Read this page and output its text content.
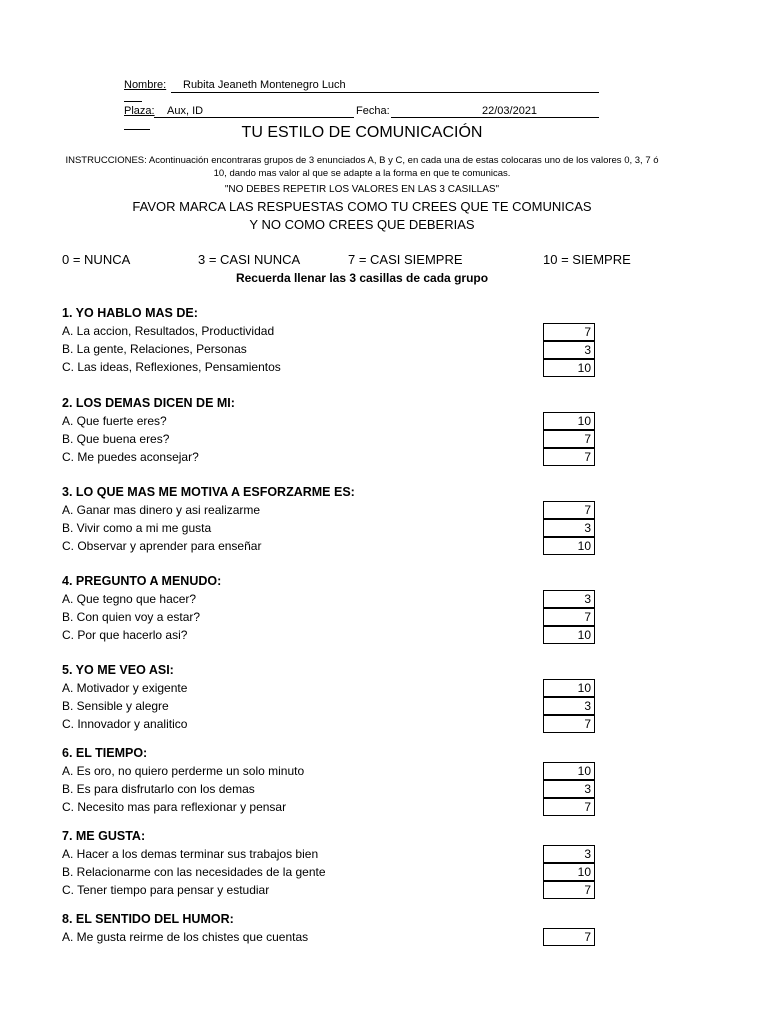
Nombre: Rubita Jeaneth Montenegro Luch
Plaza: Aux, ID	Fecha:	22/03/2021
TU ESTILO DE COMUNICACIÓN
INSTRUCCIONES: Acontinuación encontraras grupos de 3 enunciados A, B y C, en cada una de estas colocaras uno de los valores 0, 3, 7 ó 10, dando mas valor al que se adapte a la forma en que te comunicas.
"NO DEBES REPETIR LOS VALORES EN LAS 3 CASILLAS"
FAVOR MARCA LAS RESPUESTAS COMO TU CREES QUE TE COMUNICAS
Y NO COMO CREES QUE DEBERIAS
0 = NUNCA	3 = CASI NUNCA	7 = CASI SIEMPRE	10 = SIEMPRE
Recuerda llenar las 3 casillas de cada grupo
1. YO HABLO MAS DE:
A. La accion, Resultados, Productividad	7
B. La gente, Relaciones, Personas	3
C. Las ideas, Reflexiones, Pensamientos	10
2. LOS DEMAS DICEN DE MI:
A. Que fuerte eres?	10
B. Que buena eres?	7
C. Me puedes aconsejar?	7
3. LO QUE MAS ME MOTIVA A ESFORZARME ES:
A. Ganar mas dinero y asi realizarme	7
B. Vivir como a mi me gusta	3
C. Observar y aprender para enseñar	10
4. PREGUNTO A MENUDO:
A. Que tegno que hacer?	3
B. Con quien voy a estar?	7
C. Por que hacerlo asi?	10
5. YO ME VEO ASI:
A. Motivador y exigente	10
B. Sensible y alegre	3
C. Innovador y analitico	7
6. EL TIEMPO:
A. Es oro, no quiero perderme un solo minuto	10
B. Es para disfrutarlo con los demas	3
C. Necesito mas para reflexionar y pensar	7
7. ME GUSTA:
A. Hacer a los demas terminar sus trabajos bien	3
B. Relacionarme con las necesidades de la gente	10
C. Tener tiempo para pensar y estudiar	7
8. EL SENTIDO DEL HUMOR:
A. Me gusta reirme de los chistes que cuentas	7
